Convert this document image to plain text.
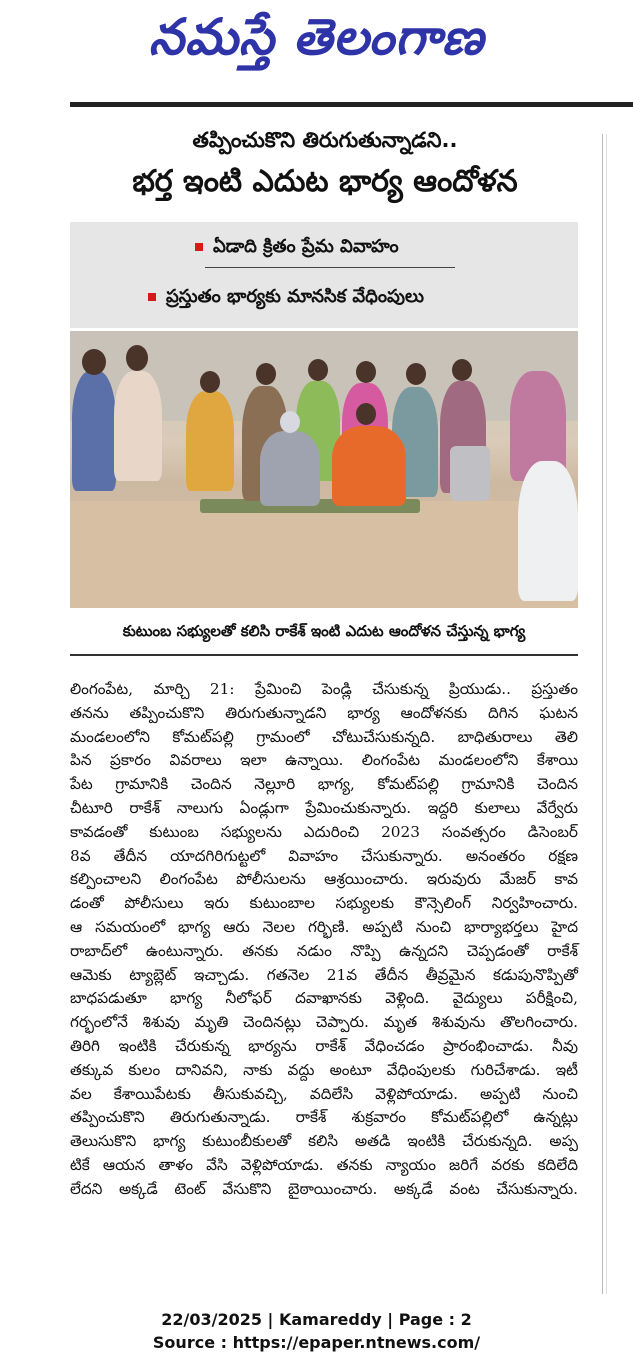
నమస్తే తెలంగాణ
తప్పించుకొని తిరుగుతున్నాడని..
భర్త ఇంటి ఎదుట భార్య ఆందోళన
ఏడాది క్రితం ప్రేమ వివాహం
ప్రస్తుతం భార్యకు మానసిక వేధింపులు
కుటుంబ సభ్యులతో కలిసి రాకేశ్ ఇంటి ఎదుట ఆందోళన చేస్తున్న భాగ్య

లింగంపేట, మార్చి 21: ప్రేమించి పెండ్లి చేసుకున్న ప్రియుడు.. ప్రస్తుతం

తనను తప్పించుకొని తిరుగుతున్నాడని భార్య ఆందోళనకు దిగిన ఘటన

మండలంలోని కోమట్‌పల్లి గ్రామంలో చోటుచేసుకున్నది. బాధితురాలు తెలి

పిన ప్రకారం వివరాలు ఇలా ఉన్నాయి. లింగంపేట మండలంలోని కేశాయి

పేట గ్రామానికి చెందిన నెల్లూరి భాగ్య, కోమట్‌పల్లి గ్రామానికి చెందిన

చీటూరి రాకేశ్ నాలుగు ఏండ్లుగా ప్రేమించుకున్నారు. ఇద్దరి కులాలు వేర్వేరు

కావడంతో కుటుంబ సభ్యులను ఎదురించి 2023 సంవత్సరం డిసెంబర్

8వ తేదీన యాదగిరిగుట్టలో వివాహం చేసుకున్నారు. అనంతరం రక్షణ

కల్పించాలని లింగంపేట పోలీసులను ఆశ్రయించారు. ఇరువురు మేజర్ కావ

డంతో పోలీసులు ఇరు కుటుంబాల సభ్యులకు కౌన్సెలింగ్ నిర్వహించారు.

ఆ సమయంలో భాగ్య ఆరు నెలల గర్భిణి. అప్పటి నుంచి భార్యాభర్తలు హైద

రాబాద్‌లో ఉంటున్నారు. తనకు నడుం నొప్పి ఉన్నదని చెప్పడంతో రాకేశ్

ఆమెకు ట్యాబ్లెట్ ఇచ్చాడు. గతనెల 21వ తేదీన తీవ్రమైన కడుపునొప్పితో

బాధపడుతూ భాగ్య నీలోఫర్ దవాఖానకు వెళ్లింది. వైద్యులు పరీక్షించి,

గర్భంలోనే శిశువు మృతి చెందినట్లు చెప్పారు. మృత శిశువును తొలగించారు.

తిరిగి ఇంటికి చేరుకున్న భార్యను రాకేశ్ వేధించడం ప్రారంభించాడు. నీవు

తక్కువ కులం దానివని, నాకు వద్దు అంటూ వేధింపులకు గురిచేశాడు. ఇటీ

వల కేశాయిపేటకు తీసుకువచ్చి, వదిలేసి వెళ్లిపోయాడు. అప్పటి నుంచి

తప్పించుకొని తిరుగుతున్నాడు. రాకేశ్ శుక్రవారం కోమట్‌పల్లిలో ఉన్నట్లు

తెలుసుకొని భాగ్య కుటుంబీకులతో కలిసి అతడి ఇంటికి చేరుకున్నది. అప్ప

టికే ఆయన తాళం వేసి వెళ్లిపోయాడు. తనకు న్యాయం జరిగే వరకు కదిలేది

లేదని అక్కడే టెంట్ వేసుకొని బైఠాయించారు. అక్కడే వంట చేసుకున్నారు.

22/03/2025 | Kamareddy | Page : 2
Source : https://epaper.ntnews.com/
